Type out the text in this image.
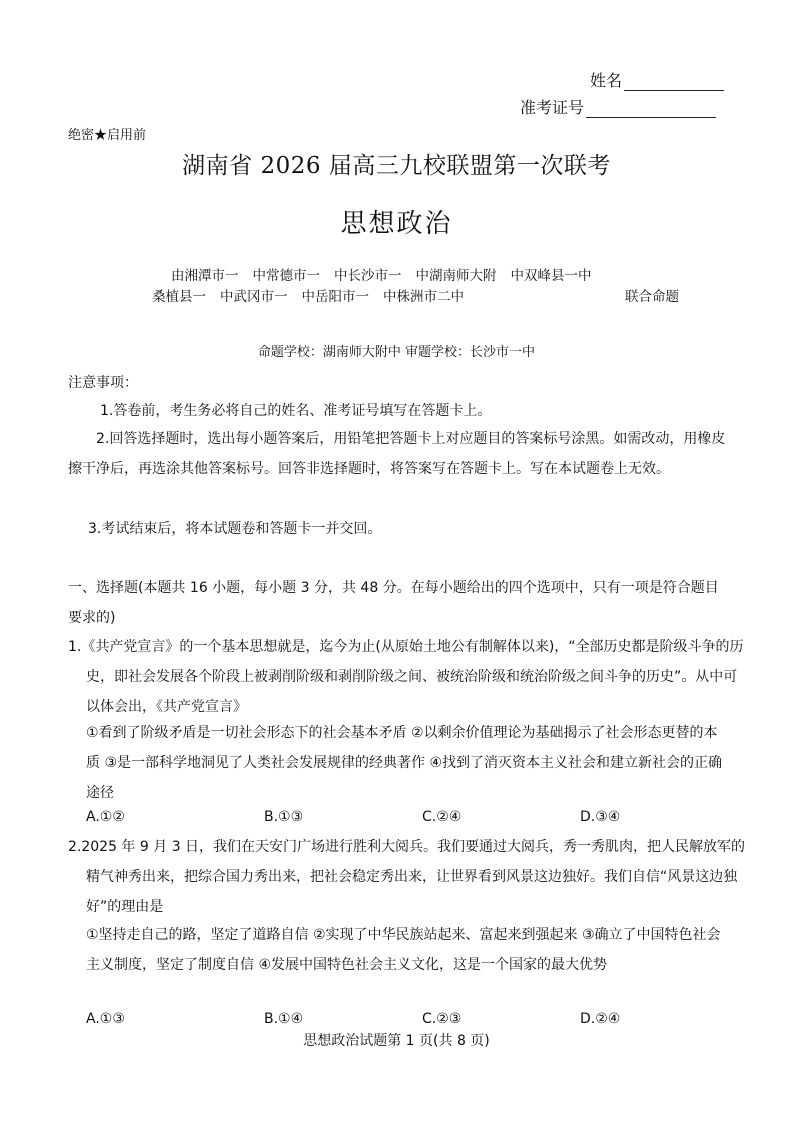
姓名
准考证号
绝密★启用前
湖南省 2026 届高三九校联盟第一次联考
思想政治
由湘潭市一 中常德市一 中长沙市一 中湖南师大附 中双峰县一中
桑植县一 中武冈市一 中岳阳市一 中株洲市二中	联合命题
命题学校：湖南师大附中 审题学校：长沙市一中
注意事项：
1.答卷前，考生务必将自己的姓名、准考证号填写在答题卡上。
2.回答选择题时，选出每小题答案后，用铅笔把答题卡上对应题目的答案标号涂黑。如需改动，用橡皮擦干净后，再选涂其他答案标号。回答非选择题时，将答案写在答题卡上。写在本试题卷上无效。
3.考试结束后，将本试题卷和答题卡一并交回。
一、选择题(本题共 16 小题，每小题 3 分，共 48 分。在每小题给出的四个选项中，只有一项是符合题目要求的)
1.《共产党宣言》的一个基本思想就是，迄今为止(从原始土地公有制解体以来)，“全部历史都是阶级斗争的历史，即社会发展各个阶段上被剥削阶级和剥削阶级之间、被统治阶级和统治阶级之间斗争的历史”。从中可以体会出，《共产党宣言》
①看到了阶级矛盾是一切社会形态下的社会基本矛盾 ②以剩余价值理论为基础揭示了社会形态更替的本质 ③是一部科学地洞见了人类社会发展规律的经典著作 ④找到了消灭资本主义社会和建立新社会的正确途径
A.①②	B.①③	C.②④	D.③④
2.2025 年 9 月 3 日，我们在天安门广场进行胜利大阅兵。我们要通过大阅兵，秀一秀肌肉，把人民解放军的精气神秀出来，把综合国力秀出来，把社会稳定秀出来，让世界看到风景这边独好。我们自信“风景这边独好”的理由是
①坚持走自己的路，坚定了道路自信 ②实现了中华民族站起来、富起来到强起来 ③确立了中国特色社会主义制度，坚定了制度自信 ④发展中国特色社会主义文化，这是一个国家的最大优势
A.①③	B.①④	C.②③	D.②④
思想政治试题第 1 页(共 8 页)
